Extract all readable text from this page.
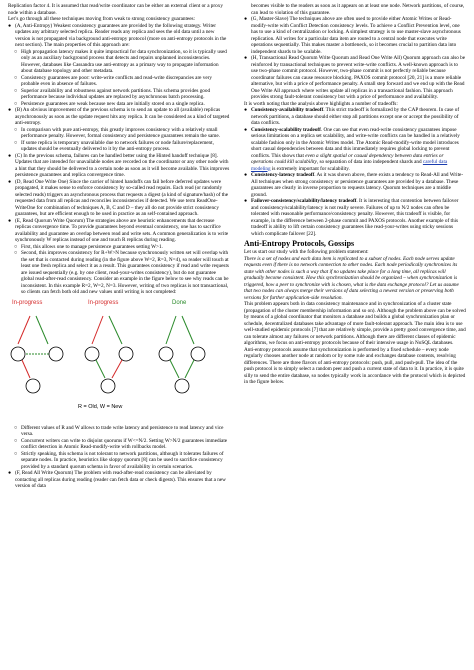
Replication factor 4. It is assumed that read/write coordinator can be either an external client or a proxy node within a database.

Let’s go through all these techniques moving from weak to strong consistency guarantees:

● (A, Anti-Entropy) Weakest consistency guarantees are provided by the following strategy. Writer updates any arbitrary selected replica. Reader reads any replica and sees the old data until a new version is not propagated via background anti-entropy protocol (more on anti-entropy protocols in the next section). The main properties of this approach are:
○ High propagation latency makes it quite impractical for data synchronization, so it is typically used only as an auxiliary background process that detects and repairs unplanned inconsistencies. However, databases like Cassandra use anti-entropy as a primary way to propagate information about database topology and other metadata.
○ Consistency guarantees are poor: write-write conflicts and read-write discrepancies are very probable even in absence of failures.
○ Superior availability and robustness against network partitions. This schema provides good performance because individual updates are replaced by asynchronous batch processing.
○ Persistence guarantees are weak because new data are initially stored on a single replica.
● (B) An obvious improvement of the previous schema is to send an update to all (available) replicas asynchronously as soon as the update request hits any replica. It can be considered as a kind of targeted anti-entropy.
○ In comparison with pure anti-entropy, this greatly improves consistency with a relatively small performance penalty. However, formal consistency and persistence guarantees remain the same.
○ If some replica is temporary unavailable due to network failures or node failure/replacement, updates should be eventually delivered to it by the anti-entropy process.
● (C) In the previous schema, failures can be handled better using the Hinted handoff technique [8]. Updates that are intended for unavailable nodes are recorded on the coordinator or any other node with a hint that they should be delivered to a certain node as soon as it will become available. This improves persistence guarantees and replica convergence time.
● (D, Read One Write One) Since the carrier of hinted handoffs can fail before deferred updates were propagated, it makes sense to enforce consistency by so-called read repairs. Each read (or randomly selected reads) triggers an asynchronous process that requests a digest (a kind of signature/hash) of the requested data from all replicas and reconciles inconsistencies if detected. We use term ReadOne-WriteOne for combination of techniques A, B, C and D – they all do not provide strict consistency guarantees, but are efficient enough to be used in practice as an self-contained approach.
● (E, Read Quorum Write Quorum) The strategies above are heuristic enhancements that decrease replicas convergence time. To provide guarantees beyond eventual consistency, one has to sacrifice availability and guarantee an overlap between read and write sets. A common generalization is to write synchronously W replicas instead of one and touch R replicas during reading.
○ First, this allows one to manage persistence guarantees setting W>1.
○ Second, this improves consistency for R+W>N because synchronously written set will overlap with the set that is contacted during reading (in the figure above W=2, R=3, N=4), so reader will touch at least one fresh replica and select it as a result. This guarantees consistency if read and write requests are issued sequentially (e.g. by one client, read-your-writes consistency), but do not guarantee global read-after-read consistency. Consider an example in the figure below to see why reads can be inconsistent. In this example R=2, W=2, N=3. However, writing of two replicas is not transactional, so clients can fetch both old and new values until writing is not completed:
In-progress	In-progress	Done
R = Old, W = New
○ Different values of R and W allows to trade write latency and persistence to read latency and vice versa.
○ Concurrent writers can write to disjoint quorums if W<=N/2. Setting W>N/2 guarantees immediate conflict detection in Atomic Read-modify-write with rollbacks model.
○ Strictly speaking, this schema is not tolerant to network partitions, although it tolerates failures of separate nodes. In practice, heuristics like sloppy quorum [8] can be used to sacrifice consistency provided by a standard quorum schema in favor of availability in certain scenarios.
● (F, Read All Write Quorum) The problem with read-after-read consistency can be alleviated by contacting all replicas during reading (reader can fetch data or check digests). This ensures that a new version of data
becomes visible to the readers as soon as it appears on at least one node. Network partitions, of course, can lead to violation of this guarantee.
● (G, Master-Slave) The techniques above are often used to provide either Atomic Writes or Read-modify-write with Conflict Detection consistency levels. To achieve a Conflict Prevention level, one has to use a kind of centralization or locking. A simplest strategy is to use master-slave asynchronous replication. All writes for a particular data item are routed to a central node that executes write operations sequentially. This makes master a bottleneck, so it becomes crucial to partition data into independent shards to be scalable.
● (H, Transactional Read Quorum Write Quorum and Read One Write All) Quorum approach can also be reinforced by transactional techniques to prevent write-write conflicts. A well-known approach is to use two-phase commit protocol. However, two-phase commit is not perfectly reliable because coordinator failures can cause resource blocking. PAXOS commit protocol [20, 21] is a more reliable alternative, but with a price of performance penalty. A small step forward and we end up with the Read One Write All approach where writes update all replicas in a transactional fashion. This approach provides strong fault-tolerant consistency but with a price of performance and availability.

It is worth noting that the analysis above highlights a number of tradeoffs:

● Consistency-availability tradeoff. This strict tradeoff is formalized by the CAP theorem. In case of network partitions, a database should either stop all partitions except one or accept the possibility of data conflicts.
● Consistency-scalability tradeoff. One can see that even read-write consistency guarantees impose serious limitations on a replica set scalability, and write-write conflicts can be handled in a relatively scalable fashion only in the Atomic Writes model. The Atomic Read-modify-write model introduces short casual dependencies between data and this immediately requires global locking to prevent conflicts. This shows that even a slight spatial or casual dependency between data entries or operations could kill scalability, so separation of data into independent shards and careful data modeling is extremely important for scalability.
● Consistency-latency tradeoff. As it was shown above, there exists a tendency to Read-All and Write-All techniques when strong consistency or persistence guarantees are provided by a database. These guarantees are clearly in inverse proportion to requests latency. Quorum techniques are a middle ground.
● Failover-consistency/scalability/latency tradeoff. It is interesting that contention between failover and consistency/scalability/latency is not really severe. Failures of up to N/2 nodes can often be tolerated with reasonable performance/consistency penalty. However, this tradeoff is visible, for example, in the difference between 2-phase commit and PAXOS protocols. Another example of this tradeoff is ability to lift certain consistency guarantees like read-your-writes using sticky sessions which complicate failover [22].
Anti-Entropy Protocols, Gossips

Let us start our study with the following problem statement:

There is a set of nodes and each data item is replicated to a subset of nodes. Each node serves update requests even if there is no network connection to other nodes. Each node periodically synchronizes its state with other nodes is such a way that if no updates take place for a long time, all replicas will gradually become consistent. How this synchronization should be organized – when synchronization is triggered, how a peer to synchronize with is chosen, what is the data exchange protocol? Let us assume that two nodes can always merge their versions of data selecting a newest version or preserving both versions for further application-side resolution.

This problem appears both in data consistency maintenance and in synchronization of a cluster state (propagation of the cluster membership information and so on). Although the problem above can be solved by means of a global coordinator that monitors a database and builds a global synchronization plan or schedule, decentralized databases take advantage of more fault-tolerant approach. The main idea is to use well-studied epidemic protocols [7] that are relatively simple, provide a pretty good convergence time, and can tolerate almost any failures or network partitions. Although there are different classes of epidemic algorithms, we focus on anti-entropy protocols because of their intensive usage in NoSQL databases.

Anti-entropy protocols assume that synchronization is performed by a fixed schedule – every node regularly chooses another node at random or by some rule and exchanges database contents, resolving differences. There are three flavors of anti-entropy protocols: push, pull, and push-pull. The idea of the push protocol is to simply select a random peer and push a current state of data to it. In practice, it is quite silly to send the entire database, so nodes typically work in accordance with the protocol which is depicted in the figure below.
